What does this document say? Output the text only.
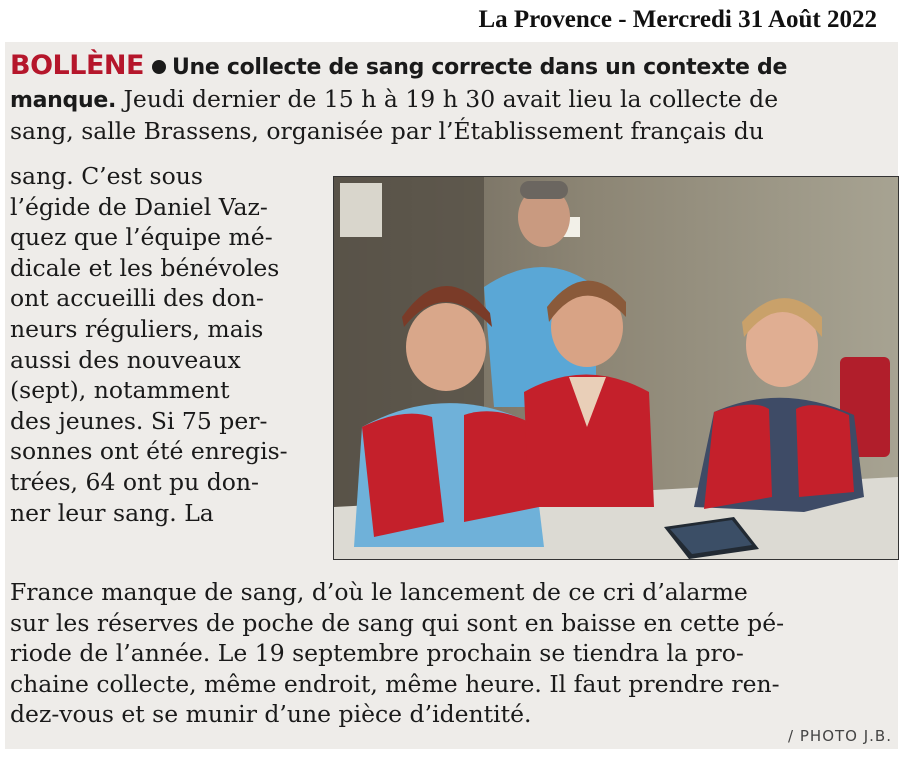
La Provence - Mercredi 31 Août 2022
BOLLÈNE Une collecte de sang correcte dans un contexte de
manque. Jeudi dernier de 15 h à 19 h 30 avait lieu la collecte de
sang, salle Brassens, organisée par l’Établissement français du
sang. C’est sous
l’égide de Daniel Vaz-
quez que l’équipe mé-
dicale et les bénévoles
ont accueilli des don-
neurs réguliers, mais
aussi des nouveaux
(sept), notamment
des jeunes. Si 75 per-
sonnes ont été enregis-
trées, 64 ont pu don-
ner leur sang. La
France manque de sang, d’où le lancement de ce cri d’alarme
sur les réserves de poche de sang qui sont en baisse en cette pé-
riode de l’année. Le 19 septembre prochain se tiendra la pro-
chaine collecte, même endroit, même heure. Il faut prendre ren-
dez-vous et se munir d’une pièce d’identité.
/ PHOTO J.B.
